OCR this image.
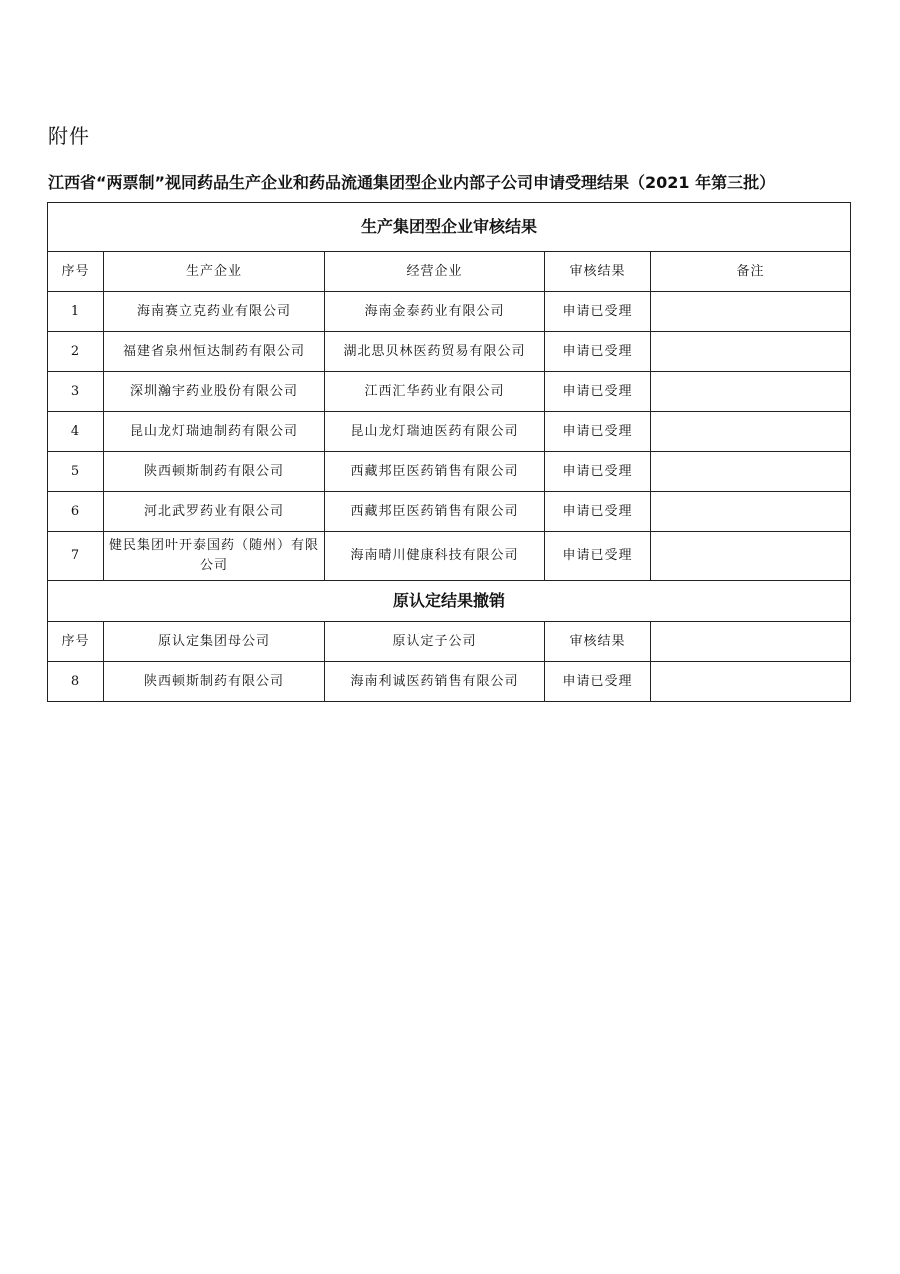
附件
江西省“两票制”视同药品生产企业和药品流通集团型企业内部子公司申请受理结果（2021 年第三批）
生产集团型企业审核结果				
序号	生产企业	经营企业	审核结果	备注
1	海南赛立克药业有限公司	海南金泰药业有限公司	申请已受理	
2	福建省泉州恒达制药有限公司	湖北思贝林医药贸易有限公司	申请已受理	
3	深圳瀚宇药业股份有限公司	江西汇华药业有限公司	申请已受理	
4	昆山龙灯瑞迪制药有限公司	昆山龙灯瑞迪医药有限公司	申请已受理	
5	陕西顿斯制药有限公司	西藏邦臣医药销售有限公司	申请已受理	
6	河北武罗药业有限公司	西藏邦臣医药销售有限公司	申请已受理	
7	健民集团叶开泰国药（随州）有限公司	海南晴川健康科技有限公司	申请已受理	
原认定结果撤销				
序号	原认定集团母公司	原认定子公司	审核结果	
8	陕西顿斯制药有限公司	海南利诚医药销售有限公司	申请已受理	
